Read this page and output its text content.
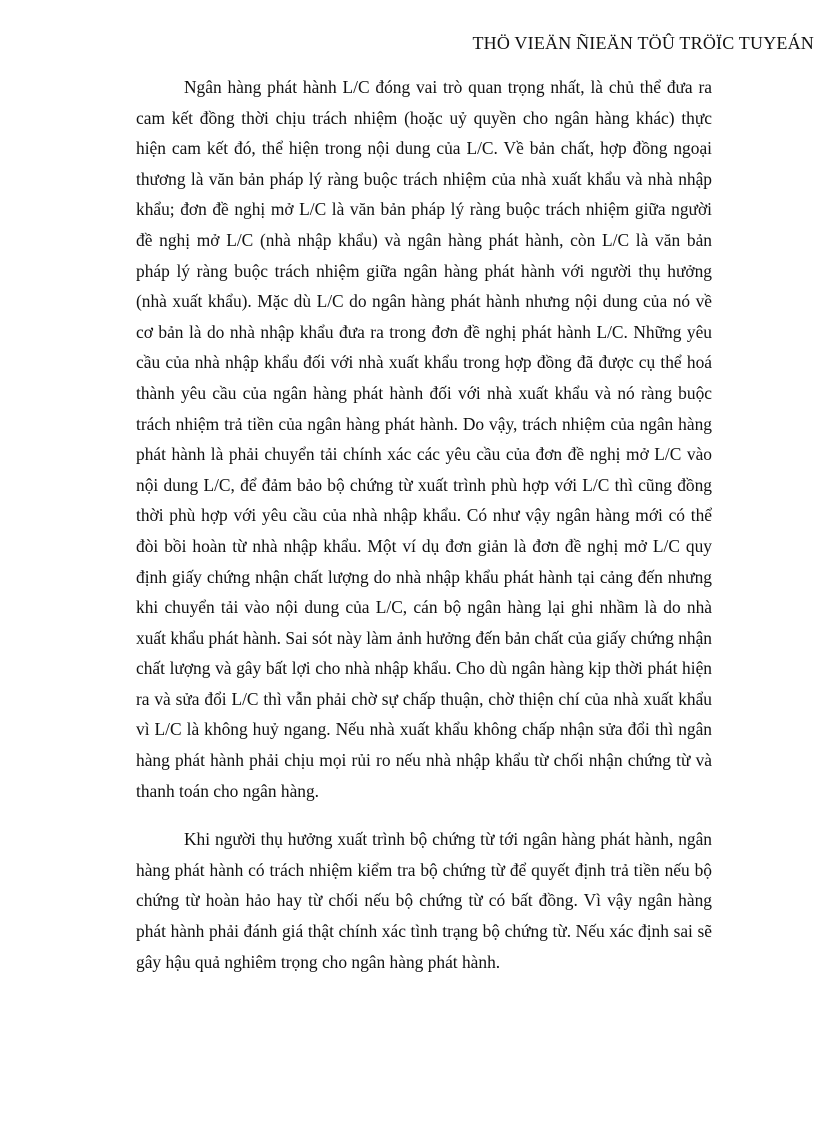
THÖ VIEÄN ÑIEÄN TÖÛ TRÖÏC TUYEÁN

Ngân hàng phát hành L/C đóng vai trò quan trọng nhất, là chủ thể đưa ra cam kết đồng thời chịu trách nhiệm (hoặc uỷ quyền cho ngân hàng khác) thực hiện cam kết đó, thể hiện trong nội dung của L/C. Về bản chất, hợp đồng ngoại thương là văn bản pháp lý ràng buộc trách nhiệm của nhà xuất khẩu và nhà nhập khẩu; đơn đề nghị mở L/C là văn bản pháp lý ràng buộc trách nhiệm giữa người đề nghị mở L/C (nhà nhập khẩu) và ngân hàng phát hành, còn L/C là văn bản pháp lý ràng buộc trách nhiệm giữa ngân hàng phát hành với người thụ hưởng (nhà xuất khẩu). Mặc dù L/C do ngân hàng phát hành nhưng nội dung của nó về cơ bản là do nhà nhập khẩu đưa ra trong đơn đề nghị phát hành L/C. Những yêu cầu của nhà nhập khẩu đối với nhà xuất khẩu trong hợp đồng đã được cụ thể hoá thành yêu cầu của ngân hàng phát hành đối với nhà xuất khẩu và nó ràng buộc trách nhiệm trả tiền của ngân hàng phát hành. Do vậy, trách nhiệm của ngân hàng phát hành là phải chuyển tải chính xác các yêu cầu của đơn đề nghị mở L/C vào nội dung L/C, để đảm bảo bộ chứng từ xuất trình phù hợp với L/C thì cũng đồng thời phù hợp với yêu cầu của nhà nhập khẩu. Có như vậy ngân hàng mới có thể đòi bồi hoàn từ nhà nhập khẩu. Một ví dụ đơn giản là đơn đề nghị mở L/C quy định giấy chứng nhận chất lượng do nhà nhập khẩu phát hành tại cảng đến nhưng khi chuyển tải vào nội dung của L/C, cán bộ ngân hàng lại ghi nhầm là do nhà xuất khẩu phát hành. Sai sót này làm ảnh hưởng đến bản chất của giấy chứng nhận chất lượng và gây bất lợi cho nhà nhập khẩu. Cho dù ngân hàng kịp thời phát hiện ra và sửa đổi L/C thì vẫn phải chờ sự chấp thuận, chờ thiện chí của nhà xuất khẩu vì L/C là không huỷ ngang. Nếu nhà xuất khẩu không chấp nhận sửa đổi thì ngân hàng phát hành phải chịu mọi rủi ro nếu nhà nhập khẩu từ chối nhận chứng từ và thanh toán cho ngân hàng.

Khi người thụ hưởng xuất trình bộ chứng từ tới ngân hàng phát hành, ngân hàng phát hành có trách nhiệm kiểm tra bộ chứng từ để quyết định trả tiền nếu bộ chứng từ hoàn hảo hay từ chối nếu bộ chứng từ có bất đồng. Vì vậy ngân hàng phát hành phải đánh giá thật chính xác tình trạng bộ chứng từ. Nếu xác định sai sẽ gây hậu quả nghiêm trọng cho ngân hàng phát hành.
